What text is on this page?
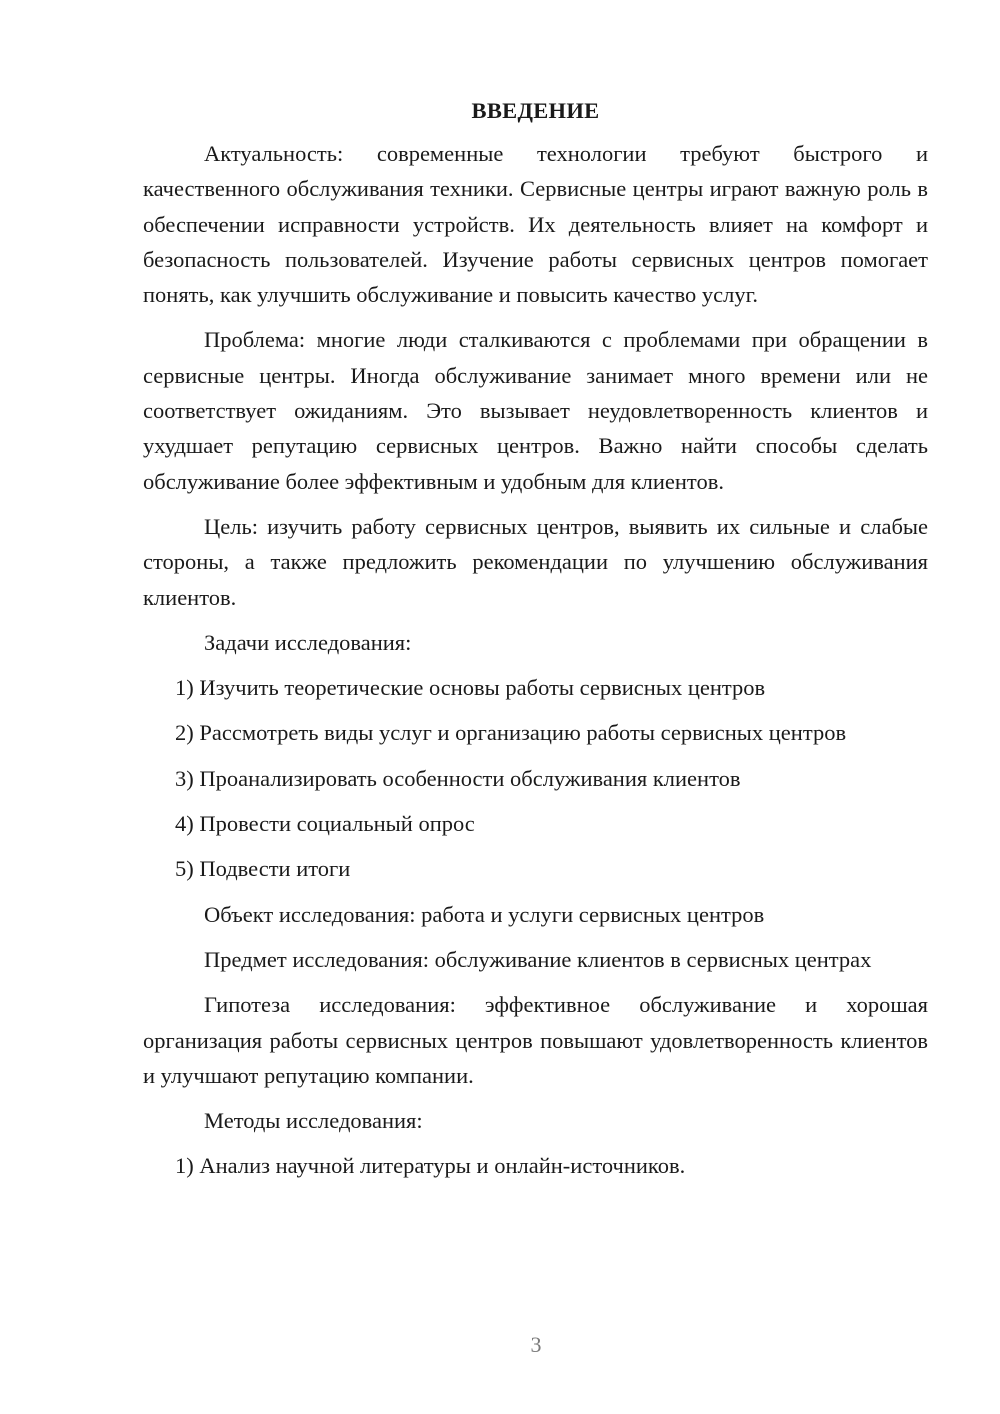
ВВЕДЕНИЕ

Актуальность: современные технологии требуют быстрого и качественного обслуживания техники. Сервисные центры играют важную роль в обеспечении исправности устройств. Их деятельность влияет на комфорт и безопасность пользователей. Изучение работы сервисных центров помогает понять, как улучшить обслуживание и повысить качество услуг.

Проблема: многие люди сталкиваются с проблемами при обращении в сервисные центры. Иногда обслуживание занимает много времени или не соответствует ожиданиям. Это вызывает неудовлетворенность клиентов и ухудшает репутацию сервисных центров. Важно найти способы сделать обслуживание более эффективным и удобным для клиентов.

Цель: изучить работу сервисных центров, выявить их сильные и слабые стороны, а также предложить рекомендации по улучшению обслуживания клиентов.

Задачи исследования:

1) Изучить теоретические основы работы сервисных центров

2) Рассмотреть виды услуг и организацию работы сервисных центров

3) Проанализировать особенности обслуживания клиентов

4) Провести социальный опрос

5) Подвести итоги

Объект исследования: работа и услуги сервисных центров

Предмет исследования: обслуживание клиентов в сервисных центрах

Гипотеза исследования: эффективное обслуживание и хорошая организация работы сервисных центров повышают удовлетворенность клиентов и улучшают репутацию компании.

Методы исследования:

1) Анализ научной литературы и онлайн-источников.

3
